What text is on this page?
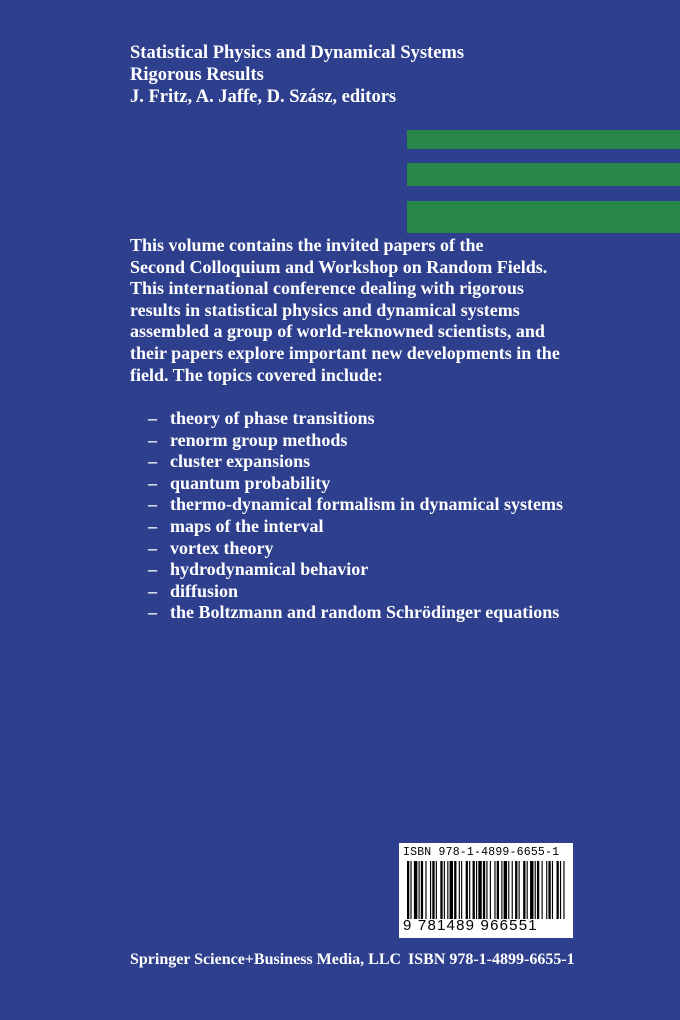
Statistical Physics and Dynamical Systems
Rigorous Results
J. Fritz, A. Jaffe, D. Szász, editors
This volume contains the invited papers of the
Second Colloquium and Workshop on Random Fields.
This international conference dealing with rigorous
results in statistical physics and dynamical systems
assembled a group of world-reknowned scientists, and
their papers explore important new developments in the
field. The topics covered include:
– theory of phase transitions
– renorm group methods
– cluster expansions
– quantum probability
– thermo-dynamical formalism in dynamical systems
– maps of the interval
– vortex theory
– hydrodynamical behavior
– diffusion
– the Boltzmann and random Schrödinger equations
ISBN 978-1-4899-6655-1
9 781489 966551
Springer Science+Business Media, LLC ISBN 978-1-4899-6655-1
